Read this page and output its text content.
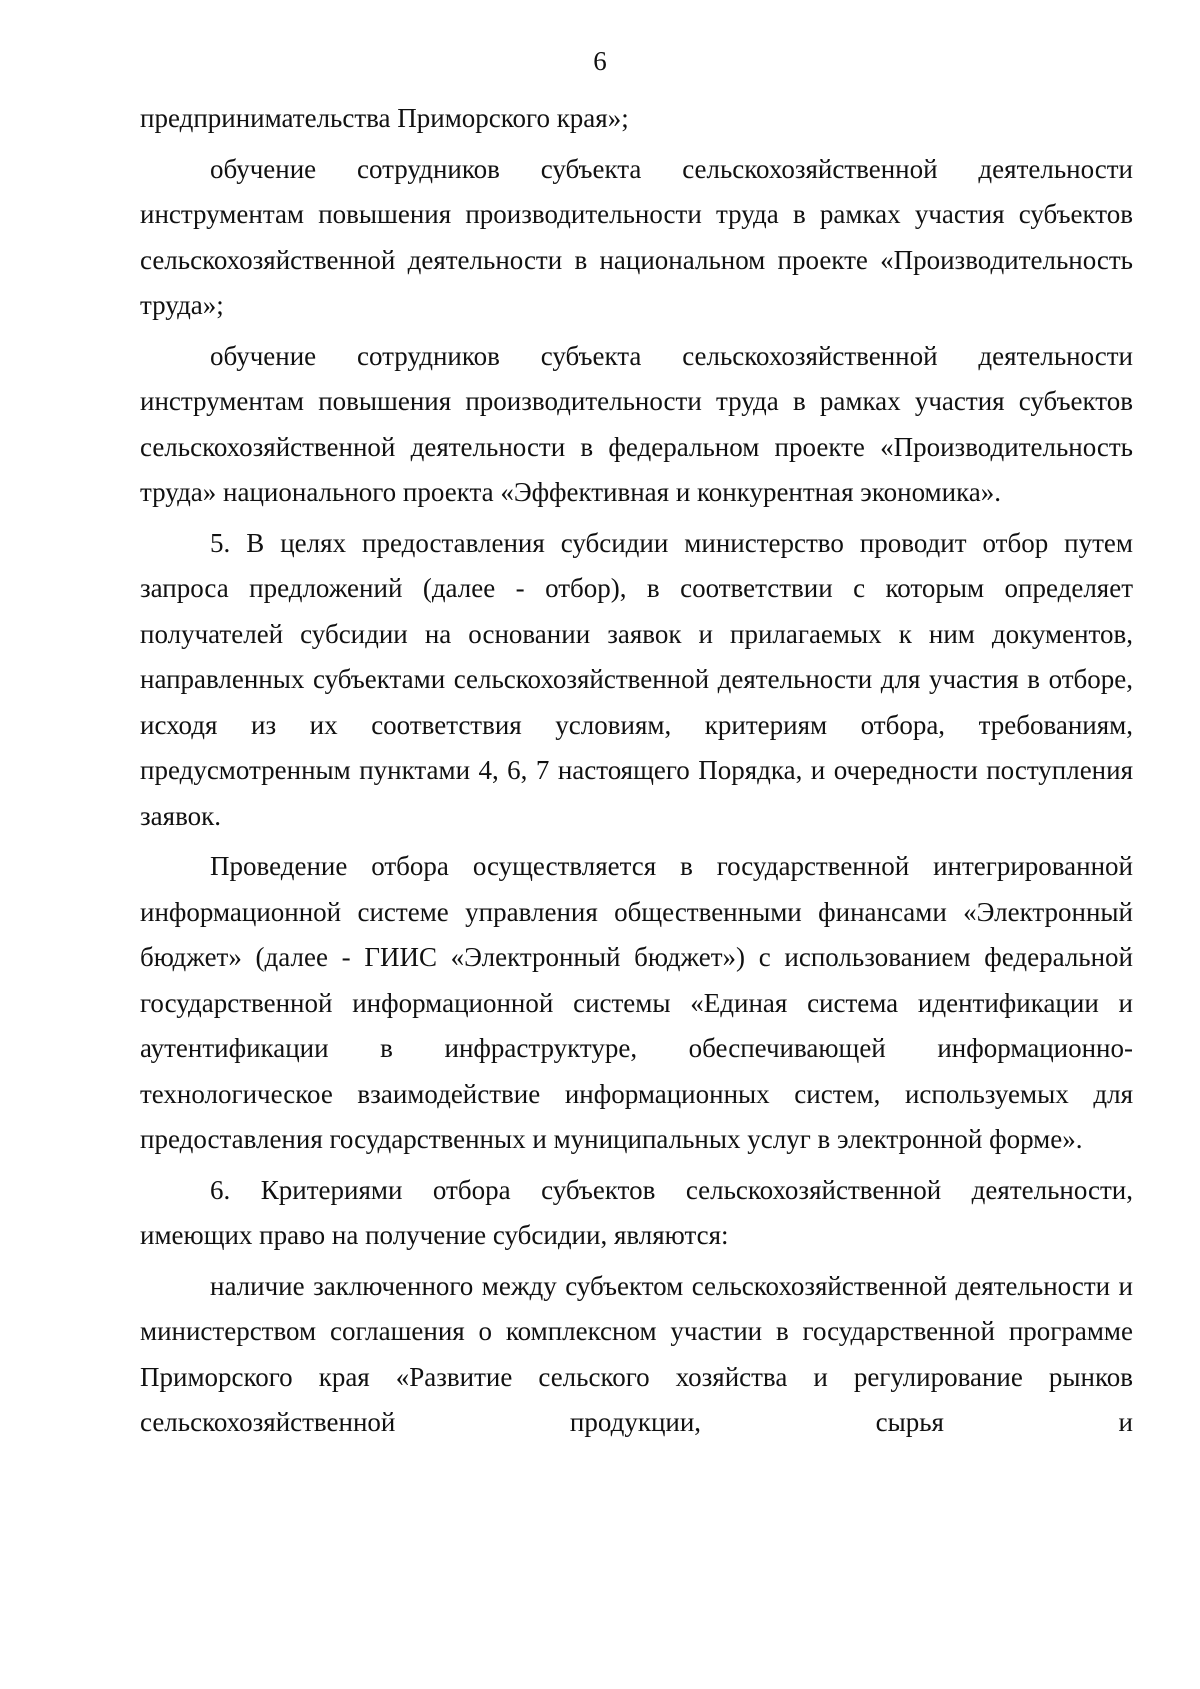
6

предпринимательства Приморского края»;

обучение сотрудников субъекта сельскохозяйственной деятельности инструментам повышения производительности труда в рамках участия субъектов сельскохозяйственной деятельности в национальном проекте «Производительность труда»;

обучение сотрудников субъекта сельскохозяйственной деятельности инструментам повышения производительности труда в рамках участия субъектов сельскохозяйственной деятельности в федеральном проекте «Производительность труда» национального проекта «Эффективная и конкурентная экономика».

5. В целях предоставления субсидии министерство проводит отбор путем запроса предложений (далее - отбор), в соответствии с которым определяет получателей субсидии на основании заявок и прилагаемых к ним документов, направленных субъектами сельскохозяйственной деятельности для участия в отборе, исходя из их соответствия условиям, критериям отбора, требованиям, предусмотренным пунктами 4, 6, 7 настоящего Порядка, и очередности поступления заявок.

Проведение отбора осуществляется в государственной интегрированной информационной системе управления общественными финансами «Электронный бюджет» (далее - ГИИС «Электронный бюджет») с использованием федеральной государственной информационной системы «Единая система идентификации и аутентификации в инфраструктуре, обеспечивающей информационно-технологическое взаимодействие информационных систем, используемых для предоставления государственных и муниципальных услуг в электронной форме».

6. Критериями отбора субъектов сельскохозяйственной деятельности, имеющих право на получение субсидии, являются:

наличие заключенного между субъектом сельскохозяйственной деятельности и министерством соглашения о комплексном участии в государственной программе Приморского края «Развитие сельского хозяйства и регулирование рынков сельскохозяйственной продукции, сырья и
